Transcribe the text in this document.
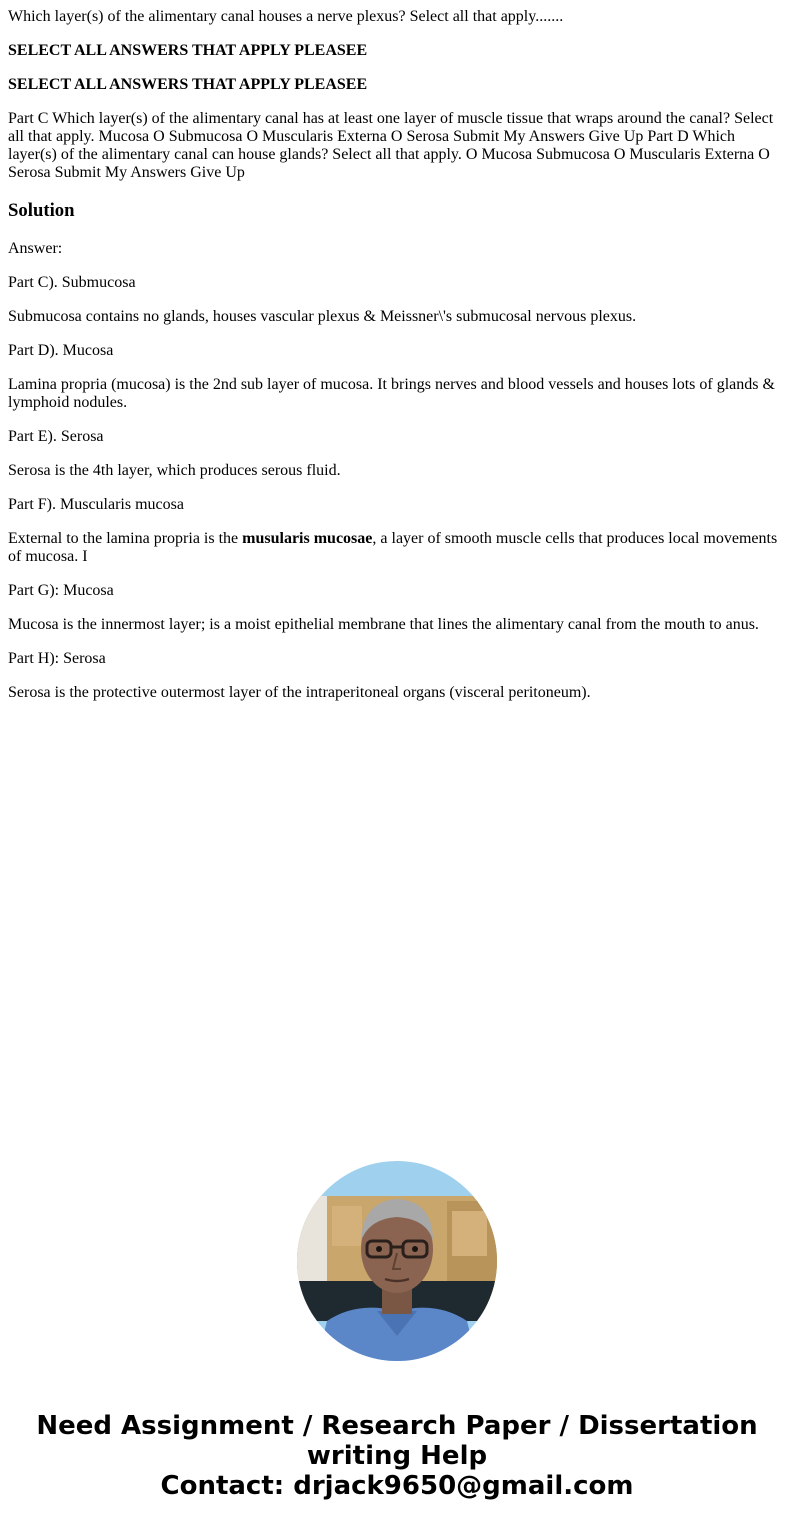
Which layer(s) of the alimentary canal houses a nerve plexus? Select all that apply.......

SELECT ALL ANSWERS THAT APPLY PLEASEE

SELECT ALL ANSWERS THAT APPLY PLEASEE

Part C Which layer(s) of the alimentary canal has at least one layer of muscle tissue that wraps around the canal? Select all that apply. Mucosa O Submucosa O Muscularis Externa O Serosa Submit My Answers Give Up Part D Which layer(s) of the alimentary canal can house glands? Select all that apply. O Mucosa Submucosa O Muscularis Externa O Serosa Submit My Answers Give Up

Solution

Answer:

Part C). Submucosa

Submucosa contains no glands, houses vascular plexus & Meissner\'s submucosal nervous plexus.

Part D). Mucosa

Lamina propria (mucosa) is the 2nd sub layer of mucosa. It brings nerves and blood vessels and houses lots of glands & lymphoid nodules.

Part E). Serosa

Serosa is the 4th layer, which produces serous fluid.

Part F). Muscularis mucosa

External to the lamina propria is the musularis mucosae, a layer of smooth muscle cells that produces local movements of mucosa. I

Part G): Mucosa

Mucosa is the innermost layer; is a moist epithelial membrane that lines the alimentary canal from the mouth to anus.

Part H): Serosa

Serosa is the protective outermost layer of the intraperitoneal organs (visceral peritoneum).

Need Assignment / Research Paper / Dissertation
writing Help
Contact: drjack9650@gmail.com
